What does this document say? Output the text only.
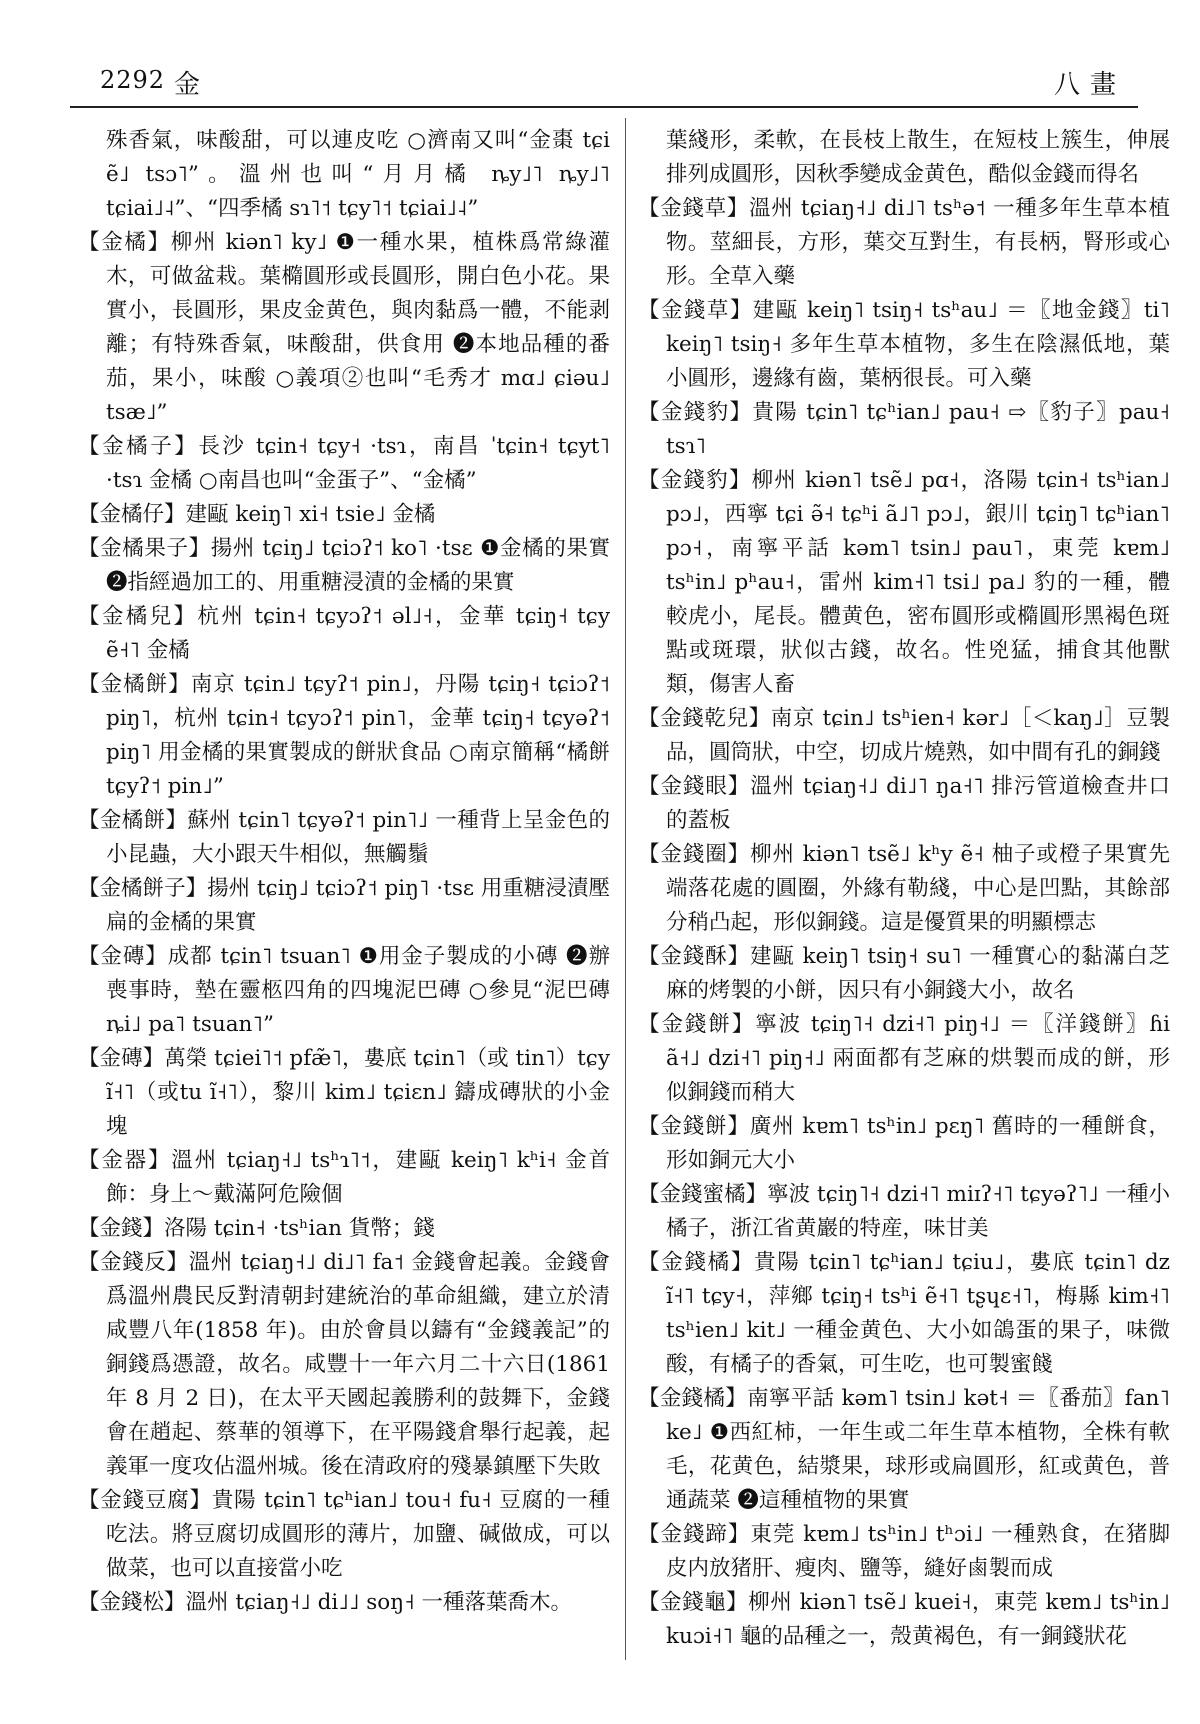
2292 金	八畫

殊香氣，味酸甜，可以連皮吃 ○濟南又叫“金棗 tɕi ẽ˩ tsɔ˥”。溫州也叫“月月橘 ȵy˩˥ ȵy˩˥ tɕiai˩˨”、“四季橘 sɿ˥˦ tɕy˥˦ tɕiai˩˨”

【金橘】柳州 kiən˥ ky˩ ❶一種水果，植株爲常綠灌木，可做盆栽。葉橢圓形或長圓形，開白色小花。果實小，長圓形，果皮金黄色，與肉黏爲一體，不能剥離；有特殊香氣，味酸甜，供食用 ❷本地品種的番茄，果小，味酸 ○義項②也叫“毛秀才 mɑ˩ ɕiəu˩ tsæ˩”

【金橘子】長沙 tɕin˧ tɕy˧ ·tsɿ，南昌 ˈtɕin˧ tɕyt˥ ·tsɿ 金橘 ○南昌也叫“金蛋子”、“金橘”

【金橘仔】建甌 keiŋ˥ xi˧ tsie˩ 金橘

【金橘果子】揚州 tɕiŋ˩ tɕiɔʔ˦ ko˥ ·tsɛ ❶金橘的果實 ❷指經過加工的、用重糖浸漬的金橘的果實

【金橘兒】杭州 tɕin˧ tɕyɔʔ˦ əl˩˧，金華 tɕiŋ˧ tɕy ẽ˧˥ 金橘

【金橘餅】南京 tɕin˩ tɕyʔ˦ pin˩，丹陽 tɕiŋ˧ tɕiɔʔ˦ piŋ˥，杭州 tɕin˧ tɕyɔʔ˦ pin˥，金華 tɕiŋ˧ tɕyəʔ˦ piŋ˥ 用金橘的果實製成的餅狀食品 ○南京簡稱“橘餅 tɕyʔ˦ pin˩”

【金橘餅】蘇州 tɕin˥ tɕyəʔ˦ pin˥˩ 一種背上呈金色的小昆蟲，大小跟天牛相似，無觸鬚

【金橘餅子】揚州 tɕiŋ˩ tɕiɔʔ˦ piŋ˥ ·tsɛ 用重糖浸漬壓扁的金橘的果實

【金磚】成都 tɕin˥ tsuan˥ ❶用金子製成的小磚 ❷辦喪事時，墊在靈柩四角的四塊泥巴磚 ○參見“泥巴磚 ȵi˩ pa˥ tsuan˥”

【金磚】萬榮 tɕiei˥˦ pfæ̃˥，婁底 tɕin˥（或 tin˥）tɕy ĩ˧˥（或tu ĩ˧˥），黎川 kim˩ tɕiɛn˩ 鑄成磚狀的小金塊

【金器】溫州 tɕiaŋ˧˩ tsʰɿ˥˦，建甌 keiŋ˥ kʰi˧ 金首飾：身上～戴滿阿危險個

【金錢】洛陽 tɕin˧ ·tsʰian 貨幣；錢

【金錢反】溫州 tɕiaŋ˧˩ di˩˥ fa˦ 金錢會起義。金錢會爲溫州農民反對清朝封建統治的革命組織，建立於清咸豐八年(1858 年)。由於會員以鑄有“金錢義記”的銅錢爲憑證，故名。咸豐十一年六月二十六日(1861 年 8 月 2 日)，在太平天國起義勝利的鼓舞下，金錢會在趙起、蔡華的領導下，在平陽錢倉舉行起義，起義軍一度攻佔溫州城。後在清政府的殘暴鎮壓下失敗

【金錢豆腐】貴陽 tɕin˥ tɕʰian˩ tou˧ fu˧ 豆腐的一種吃法。將豆腐切成圓形的薄片，加鹽、碱做成，可以做菜，也可以直接當小吃

【金錢松】溫州 tɕiaŋ˧˩ di˩˩ soŋ˧ 一種落葉喬木。

葉綫形，柔軟，在長枝上散生，在短枝上簇生，伸展排列成圓形，因秋季變成金黄色，酷似金錢而得名

【金錢草】溫州 tɕiaŋ˧˩ di˩˥ tsʰə˦ 一種多年生草本植物。莖細長，方形，葉交互對生，有長柄，腎形或心形。全草入藥

【金錢草】建甌 keiŋ˥ tsiŋ˧ tsʰau˩ ＝〖地金錢〗ti˥ keiŋ˥ tsiŋ˧ 多年生草本植物，多生在陰濕低地，葉小圓形，邊緣有齒，葉柄很長。可入藥

【金錢豹】貴陽 tɕin˥ tɕʰian˩ pau˧ ⇨〖豹子〗pau˧ tsɿ˥

【金錢豹】柳州 kiən˥ tsẽ˩ pɑ˧，洛陽 tɕin˧ tsʰian˩ pɔ˩，西寧 tɕi ə̃˧ tɕʰi ã˩˥ pɔ˩，銀川 tɕiŋ˥ tɕʰian˥ pɔ˧，南寧平話 kəm˥ tsin˩ pau˥，東莞 kɐm˩ tsʰin˩ pʰau˧，雷州 kim˧˥ tsi˩ pa˩ 豹的一種，體較虎小，尾長。體黄色，密布圓形或橢圓形黑褐色斑點或斑環，狀似古錢，故名。性兇猛，捕食其他獸類，傷害人畜

【金錢乾兒】南京 tɕin˩ tsʰien˧ kər˩［＜kaŋ˩］豆製品，圓筒狀，中空，切成片燒熟，如中間有孔的銅錢

【金錢眼】溫州 tɕiaŋ˧˩ di˩˥ ŋa˧˥ 排污管道檢查井口的蓋板

【金錢圈】柳州 kiən˥ tsẽ˩ kʰy ẽ˧ 柚子或橙子果實先端落花處的圓圈，外緣有勒綫，中心是凹點，其餘部分稍凸起，形似銅錢。這是優質果的明顯標志

【金錢酥】建甌 keiŋ˥ tsiŋ˧ su˥ 一種實心的黏滿白芝麻的烤製的小餅，因只有小銅錢大小，故名

【金錢餅】寧波 tɕiŋ˥˧ dzi˧˥ piŋ˧˩ ＝〖洋錢餅〗ɦi ã˧˩ dzi˧˥ piŋ˧˩ 兩面都有芝麻的烘製而成的餅，形似銅錢而稍大

【金錢餅】廣州 kɐm˥ tsʰin˩ pɛŋ˥ 舊時的一種餅食，形如銅元大小

【金錢蜜橘】寧波 tɕiŋ˥˧ dzi˧˥ miɪʔ˧˥ tɕyəʔ˥˩ 一種小橘子，浙江省黄巖的特産，味甘美

【金錢橘】貴陽 tɕin˥ tɕʰian˩ tɕiu˩，婁底 tɕin˥ dz ĩ˧˥ tɕy˧，萍鄉 tɕiŋ˧ tsʰi ẽ˧˥ tʂɥɛ˧˥，梅縣 kim˧˥ tsʰien˩ kit˩ 一種金黄色、大小如鴿蛋的果子，味微酸，有橘子的香氣，可生吃，也可製蜜餞

【金錢橘】南寧平話 kəm˥ tsin˩ kət˧ ＝〖番茄〗fan˥ ke˩ ❶西紅柿，一年生或二年生草本植物，全株有軟毛，花黄色，結漿果，球形或扁圓形，紅或黄色，普通蔬菜 ❷這種植物的果實

【金錢蹄】東莞 kɐm˩ tsʰin˩ tʰɔi˩ 一種熟食，在猪脚皮内放猪肝、瘦肉、鹽等，縫好鹵製而成

【金錢龜】柳州 kiən˥ tsẽ˩ kuei˧，東莞 kɐm˩ tsʰin˩ kuɔi˧˥ 龜的品種之一，殼黄褐色，有一銅錢狀花
